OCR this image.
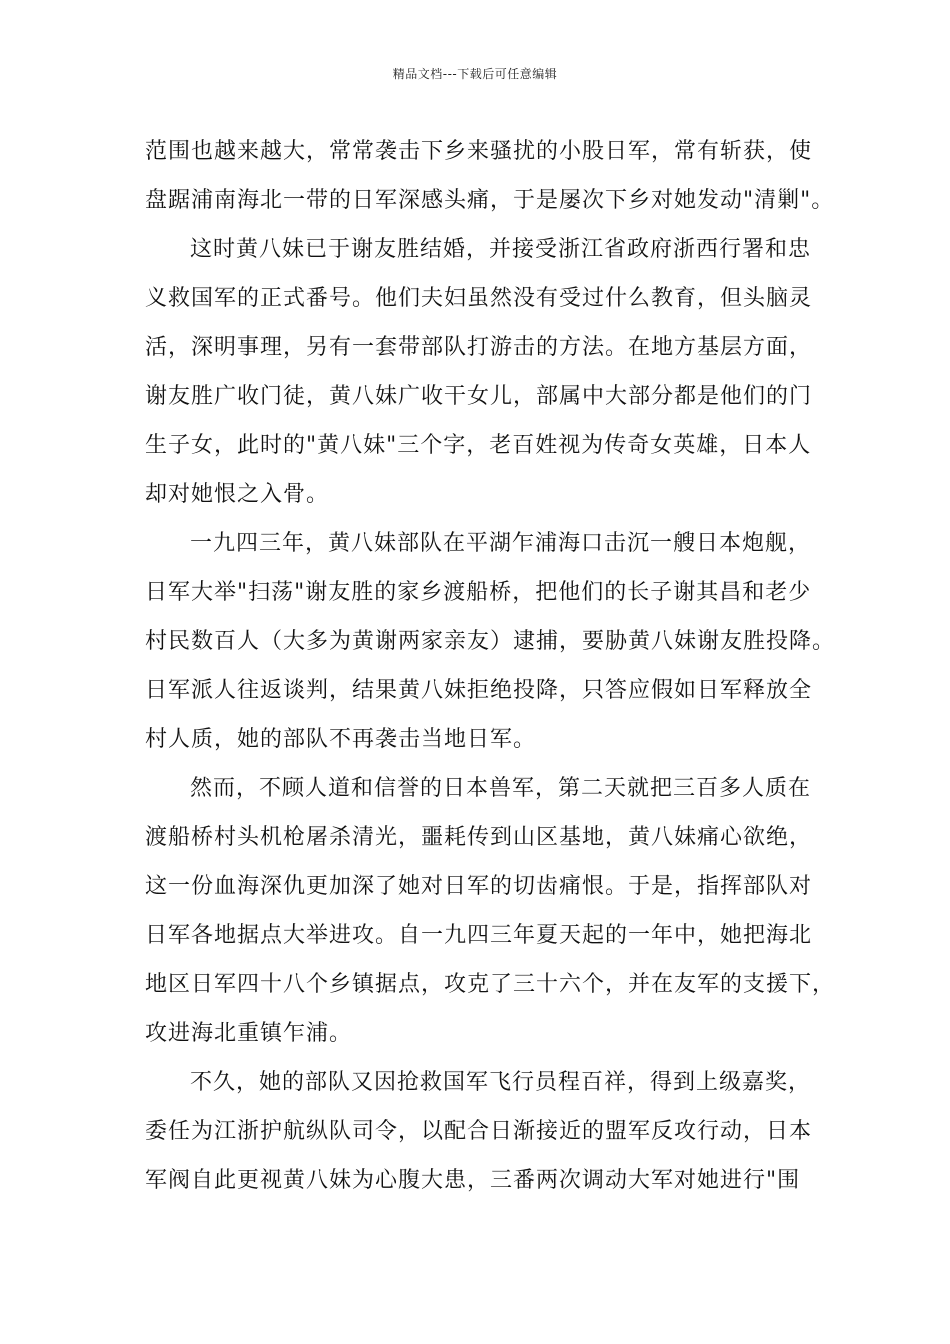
精品文档---下载后可任意编辑
范围也越来越大，常常袭击下乡来骚扰的小股日军，常有斩获，使
盘踞浦南海北一带的日军深感头痛，于是屡次下乡对她发动"清剿"。
这时黄八妹已于谢友胜结婚，并接受浙江省政府浙西行署和忠
义救国军的正式番号。他们夫妇虽然没有受过什么教育，但头脑灵
活，深明事理，另有一套带部队打游击的方法。在地方基层方面，
谢友胜广收门徒，黄八妹广收干女儿，部属中大部分都是他们的门
生子女，此时的"黄八妹"三个字，老百姓视为传奇女英雄，日本人
却对她恨之入骨。
一九四三年，黄八妹部队在平湖乍浦海口击沉一艘日本炮舰，
日军大举"扫荡"谢友胜的家乡渡船桥，把他们的长子谢其昌和老少
村民数百人（大多为黄谢两家亲友）逮捕，要胁黄八妹谢友胜投降。
日军派人往返谈判，结果黄八妹拒绝投降，只答应假如日军释放全
村人质，她的部队不再袭击当地日军。
然而，不顾人道和信誉的日本兽军，第二天就把三百多人质在
渡船桥村头机枪屠杀清光，噩耗传到山区基地，黄八妹痛心欲绝，
这一份血海深仇更加深了她对日军的切齿痛恨。于是，指挥部队对
日军各地据点大举进攻。自一九四三年夏天起的一年中，她把海北
地区日军四十八个乡镇据点，攻克了三十六个，并在友军的支援下，
攻进海北重镇乍浦。
不久，她的部队又因抢救国军飞行员程百祥，得到上级嘉奖，
委任为江浙护航纵队司令，以配合日渐接近的盟军反攻行动，日本
军阀自此更视黄八妹为心腹大患，三番两次调动大军对她进行"围
